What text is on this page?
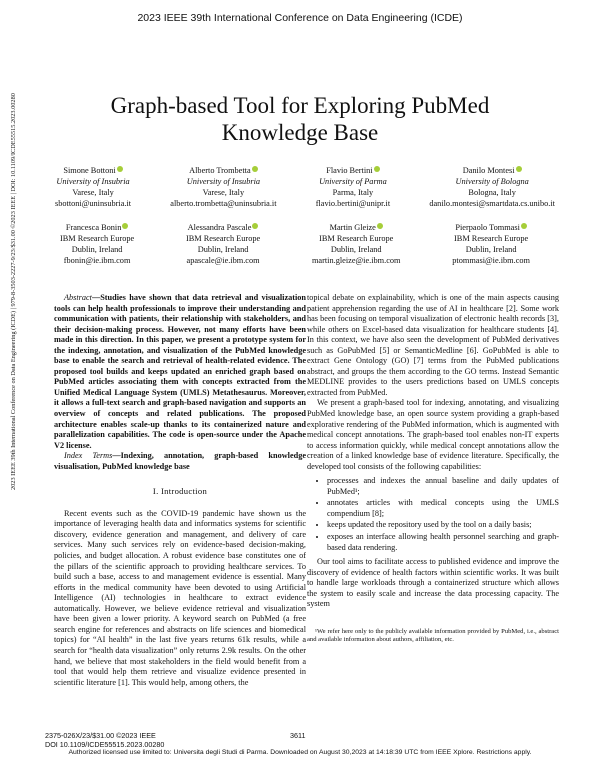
2023 IEEE 39th International Conference on Data Engineering (ICDE)
2023 IEEE 39th International Conference on Data Engineering (ICDE) | 979-8-3503-2227-9/23/$31.00 ©2023 IEEE | DOI: 10.1109/ICDE55515.2023.00280	Graph-based Tool for Exploring PubMed
Knowledge Base
Simone Bottoni
University of Insubria
Varese, Italy
sbottoni@uninsubria.it
Alberto Trombetta
University of Insubria
Varese, Italy
alberto.trombetta@uninsubria.it
Flavio Bertini
University of Parma
Parma, Italy
flavio.bertini@unipr.it
Danilo Montesi
University of Bologna
Bologna, Italy
danilo.montesi@smartdata.cs.unibo.it
Francesca Bonin
IBM Research Europe
Dublin, Ireland
fbonin@ie.ibm.com
Alessandra Pascale
IBM Research Europe
Dublin, Ireland
apascale@ie.ibm.com
Martin Gleize
IBM Research Europe
Dublin, Ireland
martin.gleize@ie.ibm.com
Pierpaolo Tommasi
IBM Research Europe
Dublin, Ireland
ptommasi@ie.ibm.com

Abstract—Studies have shown that data retrieval and visualization tools can help health professionals to improve their understanding and communication with patients, their relationship with stakeholders, and their decision-making process. However, not many efforts have been made in this direction. In this paper, we present a prototype system for the indexing, annotation, and visualization of the PubMed knowledge base to enable the search and retrieval of health-related evidence. The proposed tool builds and keeps updated an enriched graph based on PubMed articles associating them with concepts extracted from the Unified Medical Language System (UMLS) Metathesaurus. Moreover, it allows a full-text search and graph-based navigation and supports an overview of concepts and related publications. The proposed architecture enables scale-up thanks to its containerized nature and parallelization capabilities. The code is open-source under the Apache V2 license.

Index Terms—Indexing, annotation, graph-based knowledge visualisation, PubMed knowledge base

I. Introduction

Recent events such as the COVID-19 pandemic have shown us the importance of leveraging health data and informatics systems for scientific discovery, evidence generation and management, and delivery of care services. Many such services rely on evidence-based decision-making, policies, and budget allocation. A robust evidence base constitutes one of the pillars of the scientific approach to providing healthcare services. To build such a base, access to and management evidence is essential. Many efforts in the medical community have been devoted to using Artificial Intelligence (AI) technologies in healthcare to extract evidence automatically. However, we believe evidence retrieval and visualization have been given a lower priority. A keyword search on PubMed (a free search engine for references and abstracts on life sciences and biomedical topics) for “AI health” in the last five years returns 61k results, while a search for “health data visualization” only returns 2.9k results. On the other hand, we believe that most stakeholders in the field would benefit from a tool that would help them retrieve and visualize evidence presented in scientific literature [1]. This would help, among others, the

topical debate on explainability, which is one of the main aspects causing patient apprehension regarding the use of AI in healthcare [2]. Some work has been focusing on temporal visualization of electronic health records [3], while others on Excel-based data visualization for healthcare students [4]. In this context, we have also seen the development of PubMed derivatives such as GoPubMed [5] or SemanticMedline [6]. GoPubMed is able to extract Gene Ontology (GO) [7] terms from the PubMed publications abstract, and groups the them according to the GO terms. Instead Semantic MEDLINE provides to the users predictions based on UMLS concepts extracted from PubMed.

We present a graph-based tool for indexing, annotating, and visualizing PubMed knowledge base, an open source system providing a graph-based explorative rendering of the PubMed information, which is augmented with medical concept annotations. The graph-based tool enables non-IT experts to access information quickly, while medical concept annotations allow the creation of a linked knowledge base of evidence literature. Specifically, the developed tool consists of the following capabilities:

• processes and indexes the annual baseline and daily updates of PubMed¹;
• annotates articles with medical concepts using the UMLS compendium [8];
• keeps updated the repository used by the tool on a daily basis;
• exposes an interface allowing health personnel searching and graph-based data rendering.

Our tool aims to facilitate access to published evidence and improve the discovery of evidence of health factors within scientific works. It was built to handle large workloads through a containerized structure which allows the system to easily scale and increase the data processing capacity. The system

¹We refer here only to the publicly available information provided by PubMed, i.e., abstract and available information about authors, affiliation, etc.
2375-026X/23/$31.00 ©2023 IEEE
DOI 10.1109/ICDE55515.2023.00280
3611
Authorized licensed use limited to: Universita degli Studi di Parma. Downloaded on August 30,2023 at 14:18:39 UTC from IEEE Xplore. Restrictions apply.
